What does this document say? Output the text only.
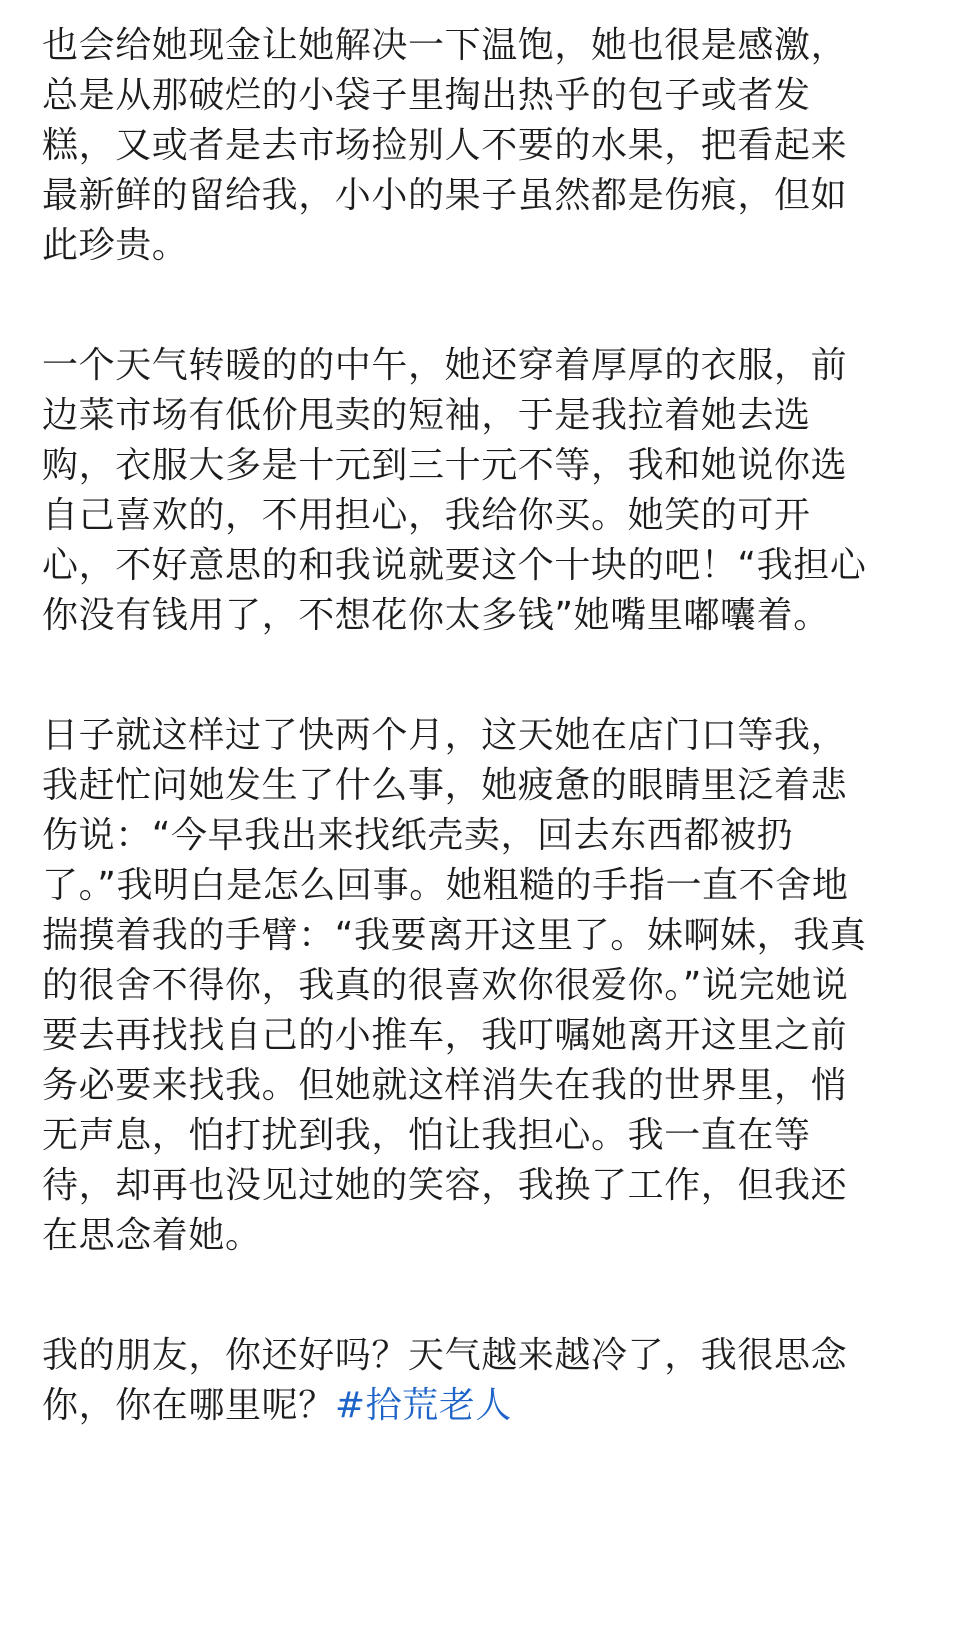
也会给她现金让她解决一下温饱，她也很是感激，
总是从那破烂的小袋子里掏出热乎的包子或者发
糕，又或者是去市场捡别人不要的水果，把看起来
最新鲜的留给我，小小的果子虽然都是伤痕，但如
此珍贵。
一个天气转暖的的中午，她还穿着厚厚的衣服，前
边菜市场有低价甩卖的短袖，于是我拉着她去选
购，衣服大多是十元到三十元不等，我和她说你选
自己喜欢的，不用担心，我给你买。她笑的可开
心，不好意思的和我说就要这个十块的吧！“我担心
你没有钱用了，不想花你太多钱”她嘴里嘟囔着。
日子就这样过了快两个月，这天她在店门口等我，
我赶忙问她发生了什么事，她疲惫的眼睛里泛着悲
伤说：“今早我出来找纸壳卖，回去东西都被扔
了。”我明白是怎么回事。她粗糙的手指一直不舍地
揣摸着我的手臂：“我要离开这里了。妹啊妹，我真
的很舍不得你，我真的很喜欢你很爱你。”说完她说
要去再找找自己的小推车，我叮嘱她离开这里之前
务必要来找我。但她就这样消失在我的世界里，悄
无声息，怕打扰到我，怕让我担心。我一直在等
待，却再也没见过她的笑容，我换了工作，但我还
在思念着她。
我的朋友，你还好吗？天气越来越冷了，我很思念
你，你在哪里呢？#拾荒老人
